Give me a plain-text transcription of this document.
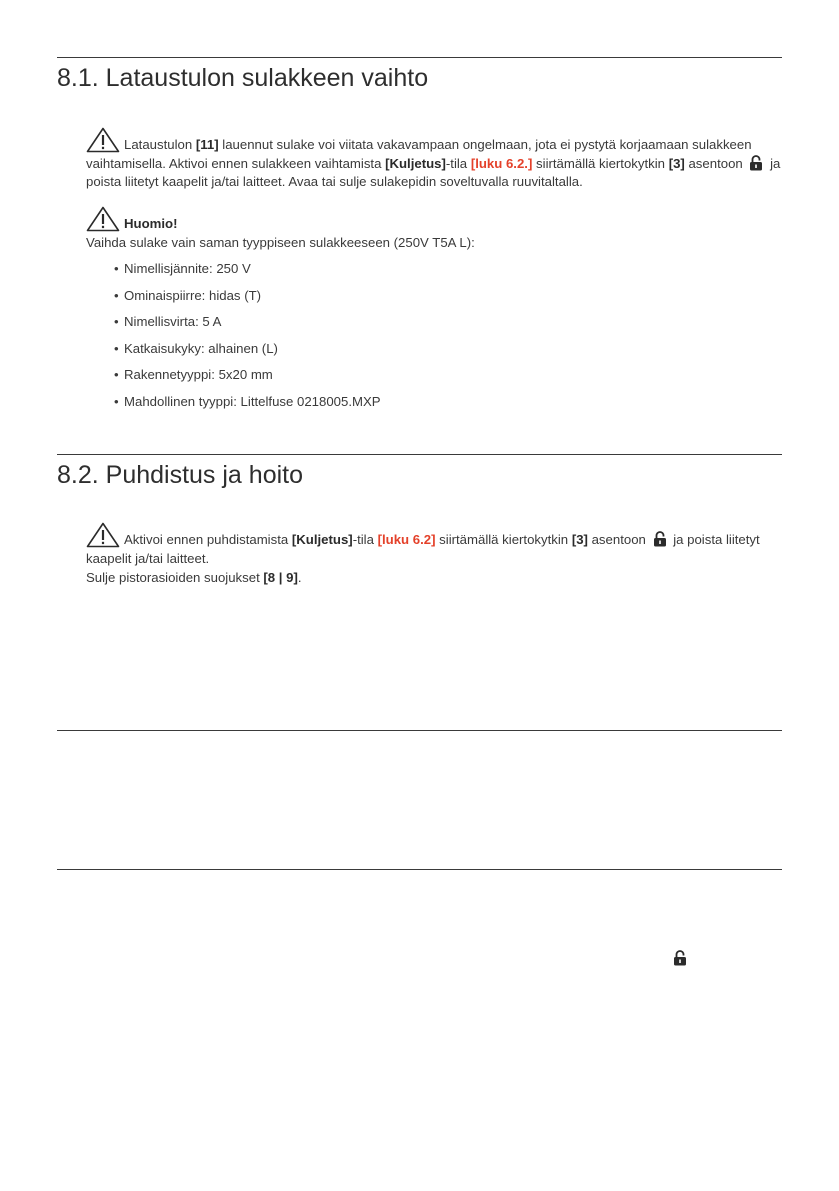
8.1. Lataustulon sulakkeen vaihto
Lataustulon [11] lauennut sulake voi viitata vakavampaan ongelmaan, jota ei pystytä korjaamaan sulakkeen vaihtamisella. Aktivoi ennen sulakkeen vaihtamista [Kuljetus]-tila [luku 6.2.] siirtämällä kiertokytkin [3] asentoon
ja poista liitetyt kaapelit ja/tai laitteet. Avaa tai sulje sulakepidin soveltuvalla ruuvitaltalla.
Huomio!
Vaihda sulake vain saman tyyppiseen sulakkeeseen (250V T5A L):
• Nimellisjännite: 250 V
• Ominaispiirre: hidas (T)
• Nimellisvirta: 5 A
• Katkaisukyky: alhainen (L)
• Rakennetyyppi: 5x20 mm
• Mahdollinen tyyppi: Littelfuse 0218005.MXP
8.2. Puhdistus ja hoito
Aktivoi ennen puhdistamista [Kuljetus]-tila [luku 6.2] siirtämällä kiertokytkin [3] asentoon
ja poista liitetyt kaapelit ja/tai laitteet.
Sulje pistorasioiden suojukset [8 | 9].
